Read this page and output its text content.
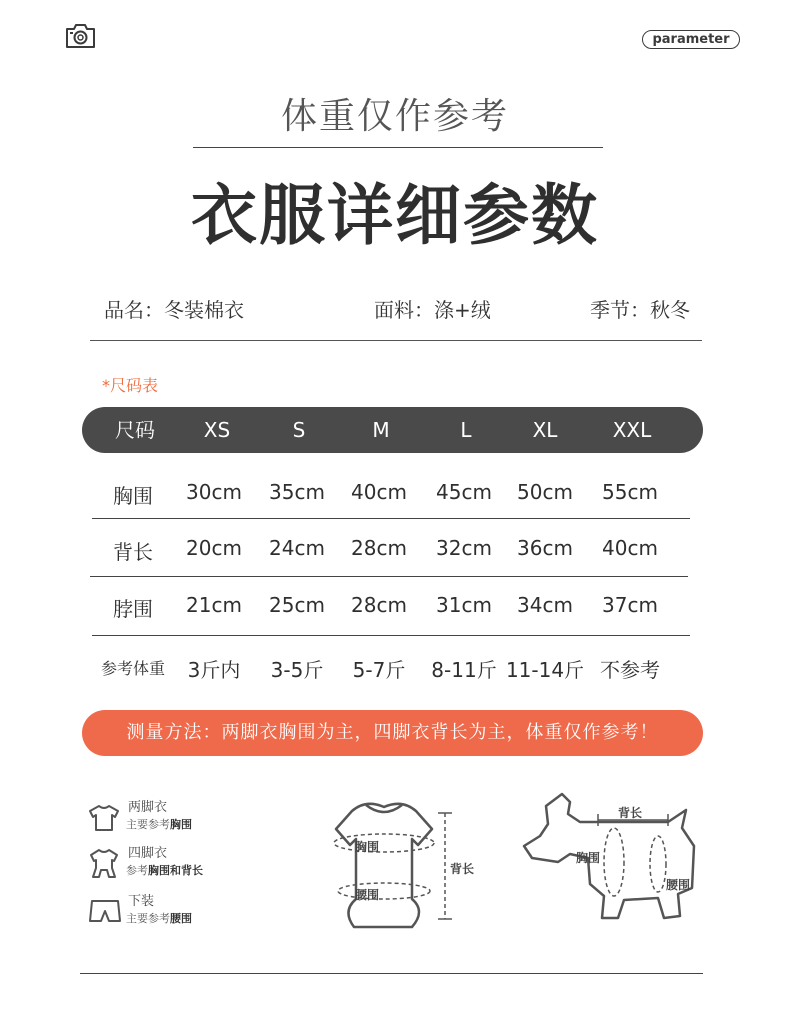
parameter
体重仅作参考
衣服详细参数
品名：冬装棉衣	面料：涤+绒	季节：秋冬
*尺码表
尺码	XS	S	M	L	XL	XXL
胸围	30cm	35cm	40cm	45cm	50cm	55cm
背长	20cm	24cm	28cm	32cm	36cm	40cm
脖围	21cm	25cm	28cm	31cm	34cm	37cm
参考体重	3斤内	3-5斤	5-7斤	8-11斤 11-14斤 不参考
测量方法：两脚衣胸围为主，四脚衣背长为主，体重仅作参考！
两脚衣
主要参考胸围
四脚衣
参考胸围和背长
下装
主要参考腰围
胸围
腰围
背长
背长
胸围
腰围
